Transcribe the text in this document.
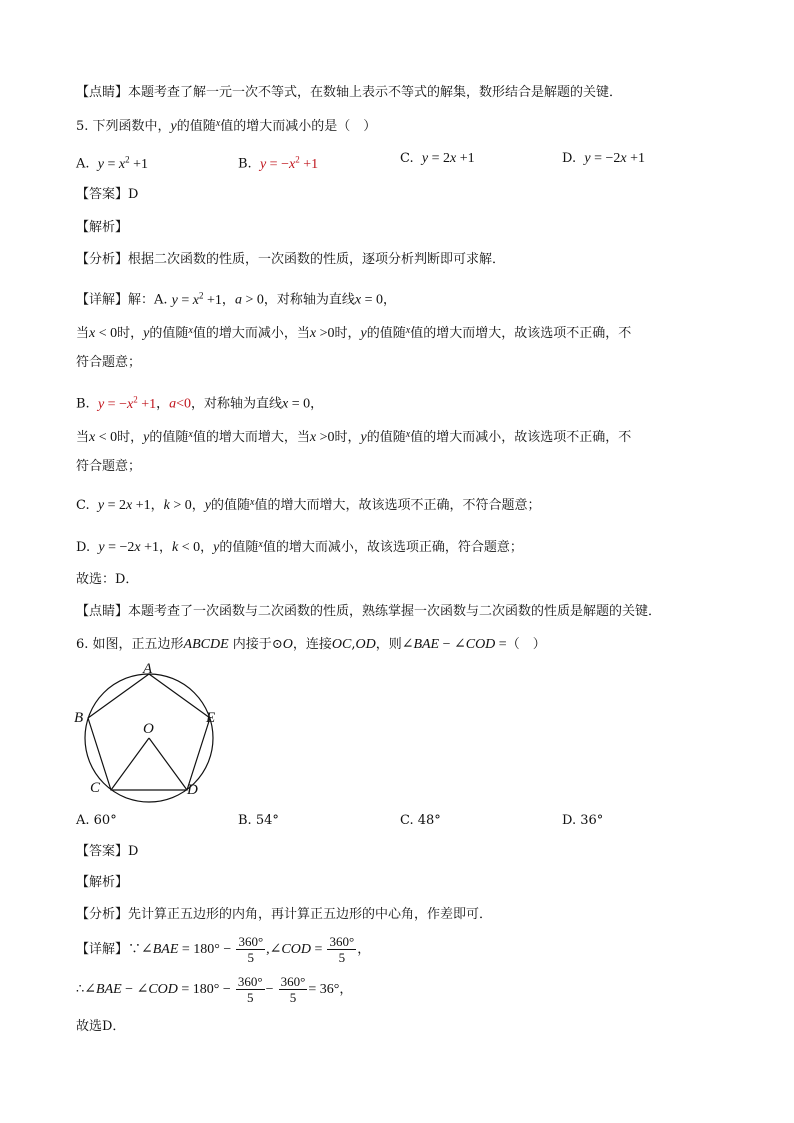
【点睛】本题考查了解一元一次不等式，在数轴上表示不等式的解集，数形结合是解题的关键．
5. 下列函数中，y的值随$^x$值的增大而减小的是（　）
A. $y = x^2 +1$	B. $y = -x^2 +1$	C. y = 2x +1	D. y = −2x +1
【答案】D
【解析】
【分析】根据二次函数的性质，一次函数的性质，逐项分析判断即可求解．
【详解】解：A. $y = x^2 +1$，a > 0，对称轴为直线x = 0，
当x < 0时，y的值随$^x$值的增大而减小，当x >0时，y的值随$^x$值的增大而增大，故该选项不正确，不
符合题意；
B. $y = -x^2 +1$，a<0，对称轴为直线x = 0，
当x < 0时，y的值随$^x$值的增大而增大，当x >0时，y的值随$^x$值的增大而减小，故该选项不正确，不
符合题意；
C. y = 2x +1，k > 0，y的值随$^x$值的增大而增大，故该选项不正确，不符合题意；
D. y = −2x +1，k < 0，y的值随$^x$值的增大而减小，故该选项正确，符合题意；
故选：D．
【点睛】本题考查了一次函数与二次函数的性质，熟练掌握一次函数与二次函数的性质是解题的关键．
6. 如图，正五边形ABCDE 内接于⊙O，连接OC,OD，则∠BAE − ∠COD =（　）
A
B	E
O
C	D
A. 60°	B. 54°	C. 48°	D. 36°
【答案】D
【解析】
【分析】先计算正五边形的内角，再计算正五边形的中心角，作差即可．
【详解】∵∠BAE = $180^\circ - \frac{360^\circ}{5}$ ,∠COD = $\frac{360^\circ}{5}$ ，
∴∠BAE − ∠COD = $180^\circ - \frac{360^\circ}{5} - \frac{360^\circ}{5} = 36^\circ$，
故选D．
